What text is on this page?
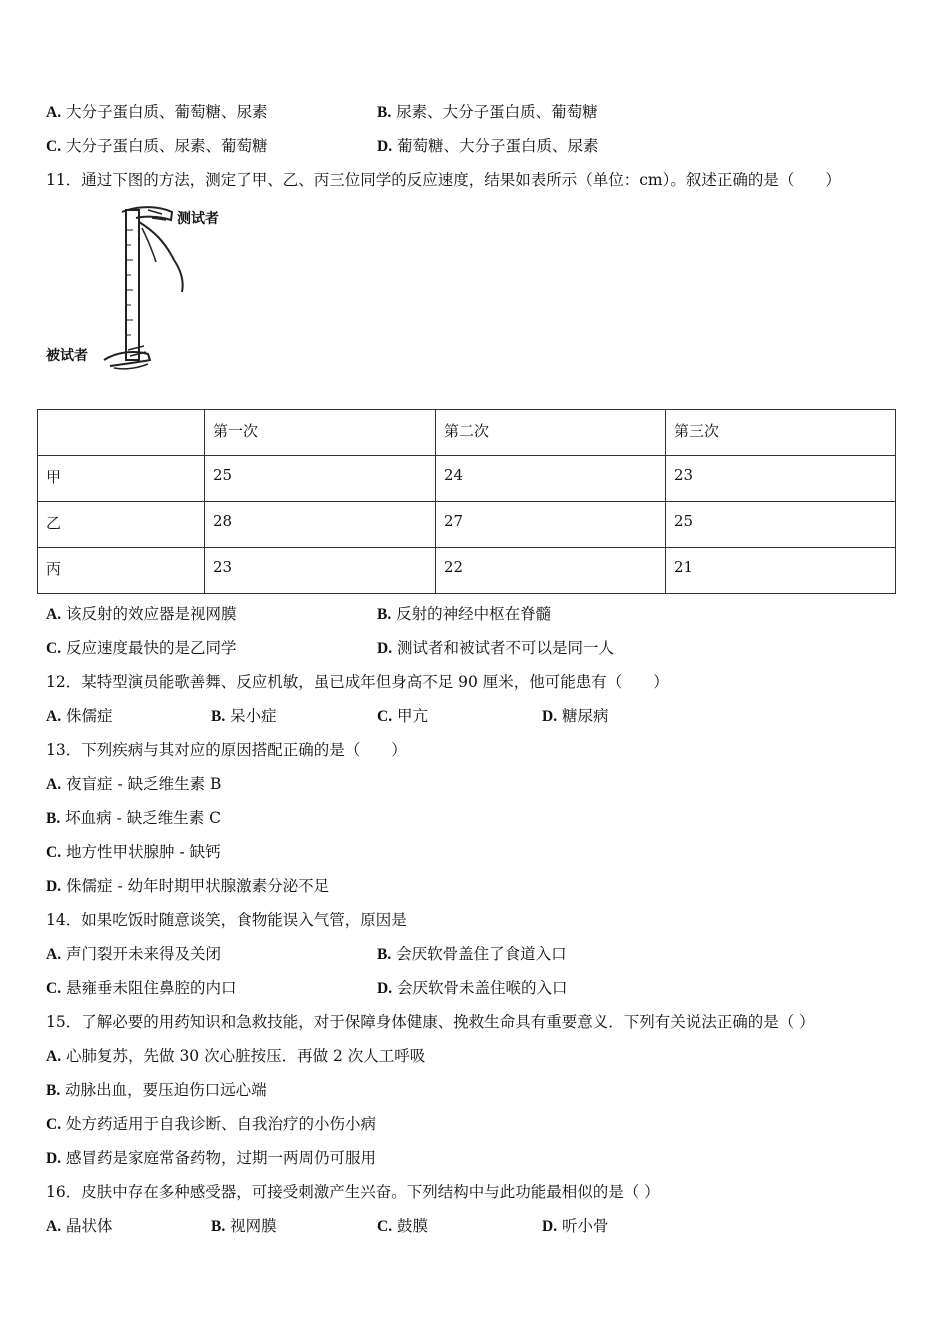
A. 大分子蛋白质、葡萄糖、尿素	B. 尿素、大分子蛋白质、葡萄糖
C. 大分子蛋白质、尿素、葡萄糖	D. 葡萄糖、大分子蛋白质、尿素
11．通过下图的方法，测定了甲、乙、丙三位同学的反应速度，结果如表所示（单位：cm）。叙述正确的是（　　）
测试者
被试者
	第一次	第二次	第三次
甲	25	24	23
乙	28	27	25
丙	23	22	21
A. 该反射的效应器是视网膜	B. 反射的神经中枢在脊髓
C. 反应速度最快的是乙同学	D. 测试者和被试者不可以是同一人
12．某特型演员能歌善舞、反应机敏，虽已成年但身高不足 90 厘米，他可能患有（　　）
A. 侏儒症	B. 呆小症	C. 甲亢	D. 糖尿病
13．下列疾病与其对应的原因搭配正确的是（　　）
A. 夜盲症 - 缺乏维生素 B
B. 坏血病 - 缺乏维生素 C
C. 地方性甲状腺肿 - 缺钙
D. 侏儒症 - 幼年时期甲状腺激素分泌不足
14．如果吃饭时随意谈笑，食物能误入气管，原因是
A. 声门裂开未来得及关闭	B. 会厌软骨盖住了食道入口
C. 悬雍垂未阻住鼻腔的内口	D. 会厌软骨未盖住喉的入口
15．了解必要的用药知识和急救技能，对于保障身体健康、挽救生命具有重要意义．下列有关说法正确的是（ ）
A. 心肺复苏，先做 30 次心脏按压．再做 2 次人工呼吸
B. 动脉出血，要压迫伤口远心端
C. 处方药适用于自我诊断、自我治疗的小伤小病
D. 感冒药是家庭常备药物，过期一两周仍可服用
16．皮肤中存在多种感受器，可接受刺激产生兴奋。下列结构中与此功能最相似的是（ ）
A. 晶状体	B. 视网膜	C. 鼓膜	D. 听小骨
